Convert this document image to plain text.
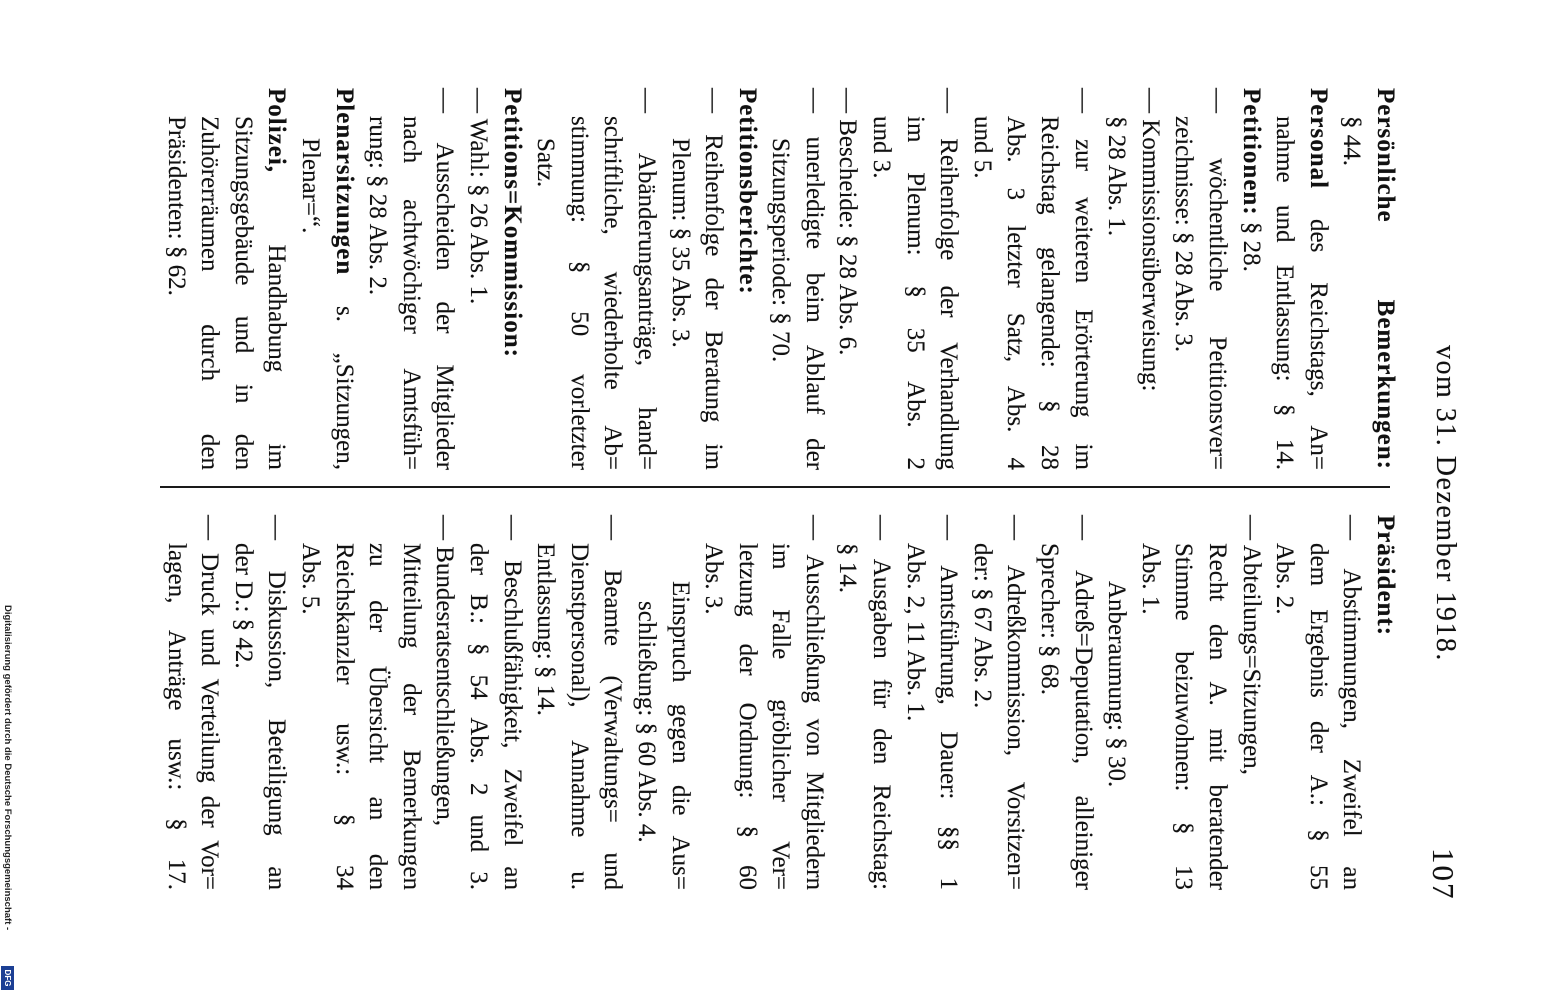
vom 31. Dezember 1918.
107
Persönliche Bemerkungen:
§ 44.
Personal des Reichstags, An=
nahme und Entlassung: § 14.
Petitionen: § 28.
— wöchentliche Petitionsver=
zeichnisse: § 28 Abs. 3.
— Kommissionsüberweisung:
§ 28 Abs. 1.
— zur weiteren Erörterung im
Reichstag gelangende: § 28
Abs. 3 letzter Satz, Abs. 4
und 5.
— Reihenfolge der Verhandlung
im Plenum: § 35 Abs. 2
und 3.
— Bescheide: § 28 Abs. 6.
— unerledigte beim Ablauf der
Sitzungsperiode: § 70.
Petitionsberichte:
— Reihenfolge der Beratung im
Plenum: § 35 Abs. 3.
— Abänderungsanträge, hand=
schriftliche, wiederholte Ab=
stimmung: § 50 vorletzter
Satz.
Petitions=Kommission:
— Wahl: § 26 Abs. 1.
— Ausscheiden der Mitglieder
nach achtwöchiger Amtsfüh=
rung: § 28 Abs. 2.
Plenarsitzungen s. „Sitzungen,
Plenar=“.
Polizei, Handhabung im
Sitzungsgebäude und in den
Zuhörerräumen durch den
Präsidenten: § 62.
Präsident:
— Abstimmungen, Zweifel an
dem Ergebnis der A.: § 55
Abs. 2.
— Abteilungs=Sitzungen,
Recht den A. mit beratender
Stimme beizuwohnen: § 13
Abs. 1.
Anberaumung: § 30.
— Adreß=Deputation, alleiniger
Sprecher: § 68.
— Adreßkommission, Vorsitzen=
der: § 67 Abs. 2.
— Amtsführung, Dauer: §§ 1
Abs. 2, 11 Abs. 1.
— Ausgaben für den Reichstag:
§ 14.
— Ausschließung von Mitgliedern
im Falle gröblicher Ver=
letzung der Ordnung: § 60
Abs. 3.
Einspruch gegen die Aus=
schließung: § 60 Abs. 4.
— Beamte (Verwaltungs= und
Dienstpersonal), Annahme u.
Entlassung: § 14.
— Beschlußfähigkeit, Zweifel an
der B.: § 54 Abs. 2 und 3.
— Bundesratsentschließungen,
Mitteilung der Bemerkungen
zu der Übersicht an den
Reichskanzler usw.: § 34
Abs. 5.
— Diskussion, Beteiligung an
der D.: § 42.
— Druck und Verteilung der Vor=
lagen, Anträge usw.: § 17.
Digitalisierung gefördert durch die Deutsche Forschungsgemeinschaft -
DFG
